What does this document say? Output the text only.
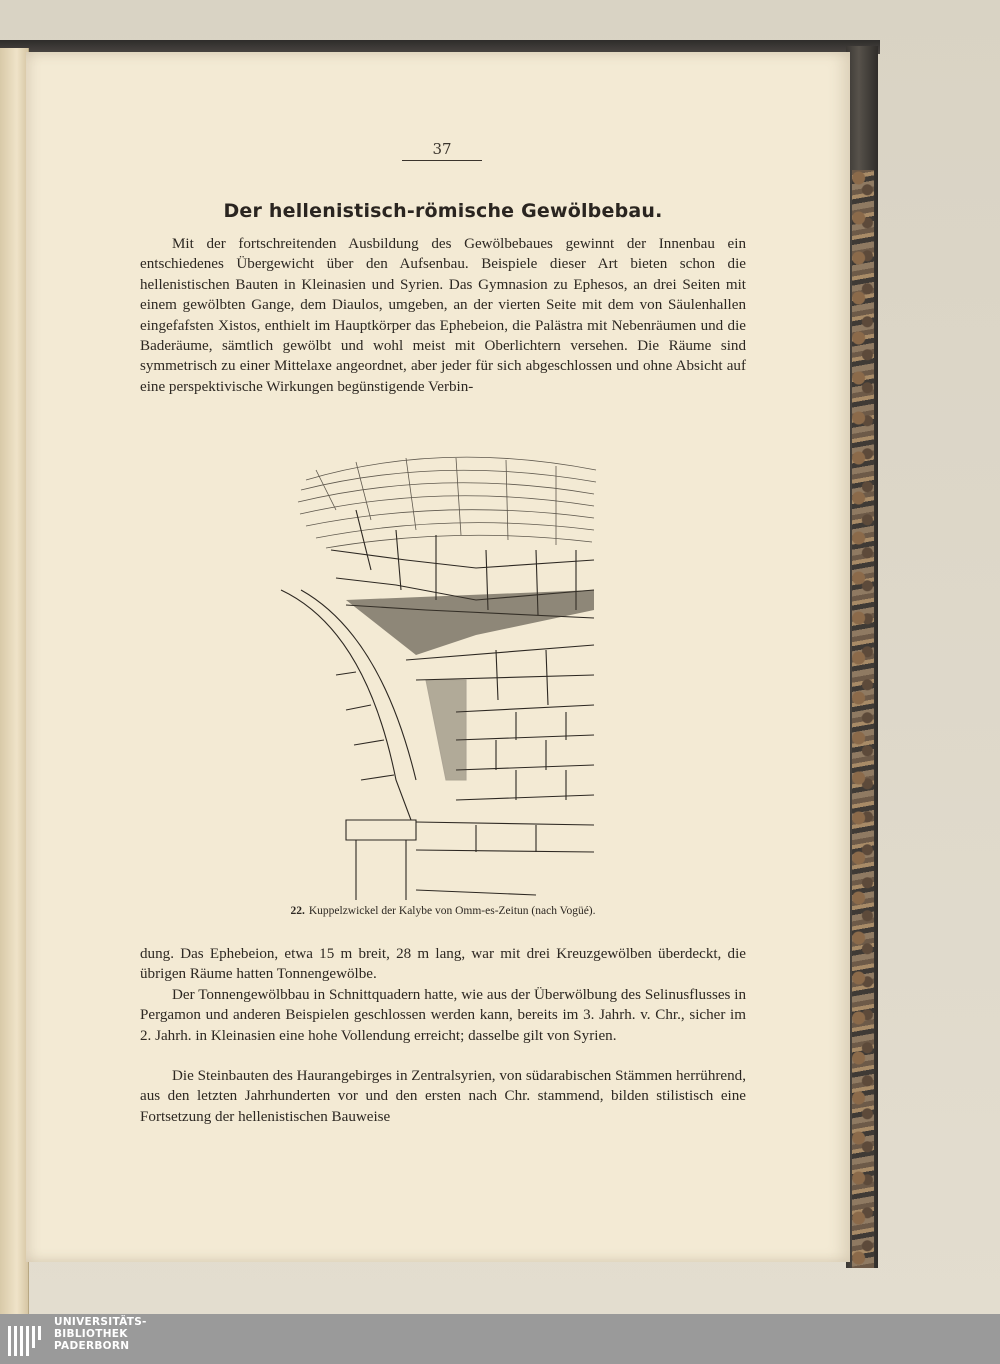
37
Der hellenistisch-römische Gewölbebau.

Mit der fortschreitenden Ausbildung des Gewölbebaues gewinnt der Innenbau ein entschiedenes Übergewicht über den Aufsenbau. Beispiele dieser Art bieten schon die hellenistischen Bauten in Kleinasien und Syrien. Das Gymnasion zu Ephesos, an drei Seiten mit einem gewölbten Gange, dem Diaulos, umgeben, an der vierten Seite mit dem von Säulenhallen eingefafsten Xistos, enthielt im Hauptkörper das Ephebeion, die Palästra mit Nebenräumen und die Baderäume, sämtlich gewölbt und wohl meist mit Oberlichtern versehen. Die Räume sind symmetrisch zu einer Mittelaxe angeordnet, aber jeder für sich abgeschlossen und ohne Absicht auf eine perspektivische Wirkungen begünstigende Verbin-

22. Kuppelzwickel der Kalybe von Omm-es-Zeitun (nach Vogüé).

dung. Das Ephebeion, etwa 15 m breit, 28 m lang, war mit drei Kreuzgewölben überdeckt, die übrigen Räume hatten Tonnengewölbe.

Der Tonnengewölbbau in Schnittquadern hatte, wie aus der Überwölbung des Selinusflusses in Pergamon und anderen Beispielen geschlossen werden kann, bereits im 3. Jahrh. v. Chr., sicher im 2. Jahrh. in Kleinasien eine hohe Vollendung erreicht; dasselbe gilt von Syrien.

Die Steinbauten des Haurangebirges in Zentralsyrien, von südarabischen Stämmen herrührend, aus den letzten Jahrhunderten vor und den ersten nach Chr. stammend, bilden stilistisch eine Fortsetzung der hellenistischen Bauweise

UNIVERSITÄTS-
BIBLIOTHEK
PADERBORN
